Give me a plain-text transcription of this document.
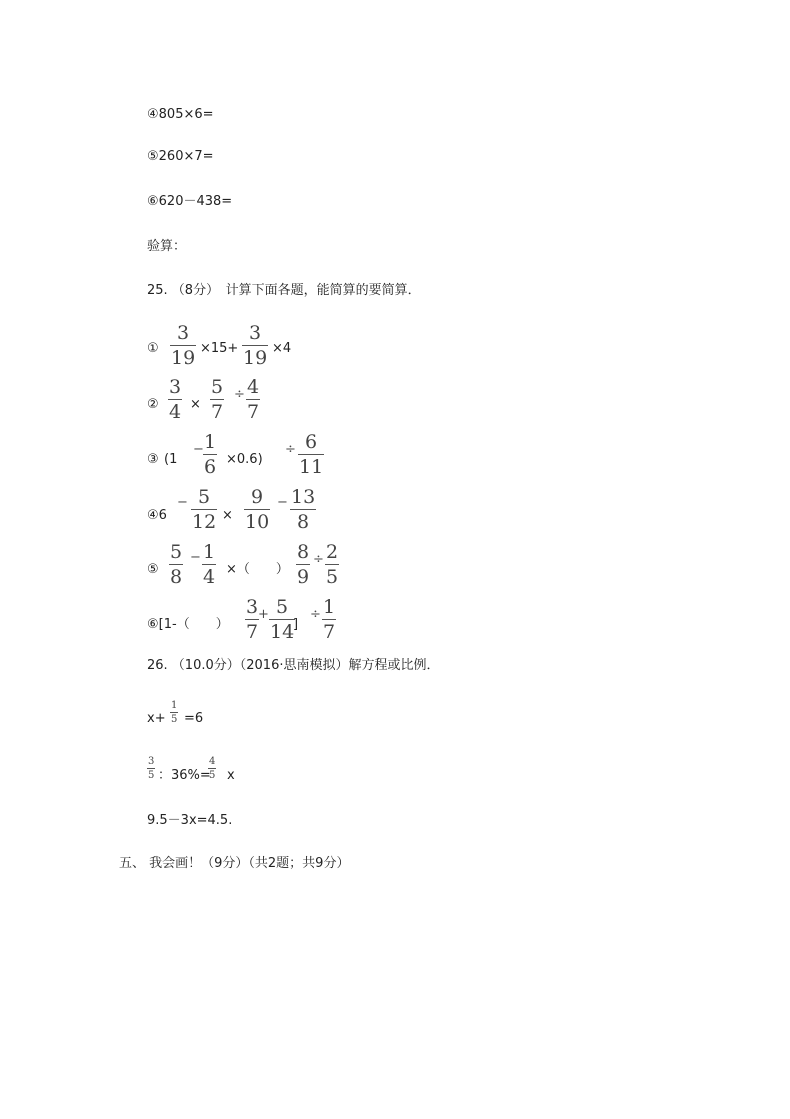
④805×6=
⑤260×7=
⑥620－438=
验算：
25. （8分）　计算下面各题，能简算的要简算．
①
3
19 ×15+
3
19 ×4
②
3
4 ×
5
7
÷ 4
7
③ (1
− 1
6 ×0.6)
÷ 6
11
④6
− 5
12 ×
9
10
− 13
8
⑤
5
8
− 1
4 ×（　　）
8
9
÷ 2
5
⑥[1-（　　）
3
7
+ 5
14
]
÷ 1
7
26. （10.0分）（2016·思南模拟）解方程或比例．
x+
1
5 =6
3
5 ：36%=
4
5 x
9.5－3x=4.5.
五、 我会画！（9分）（共2题；共9分）
